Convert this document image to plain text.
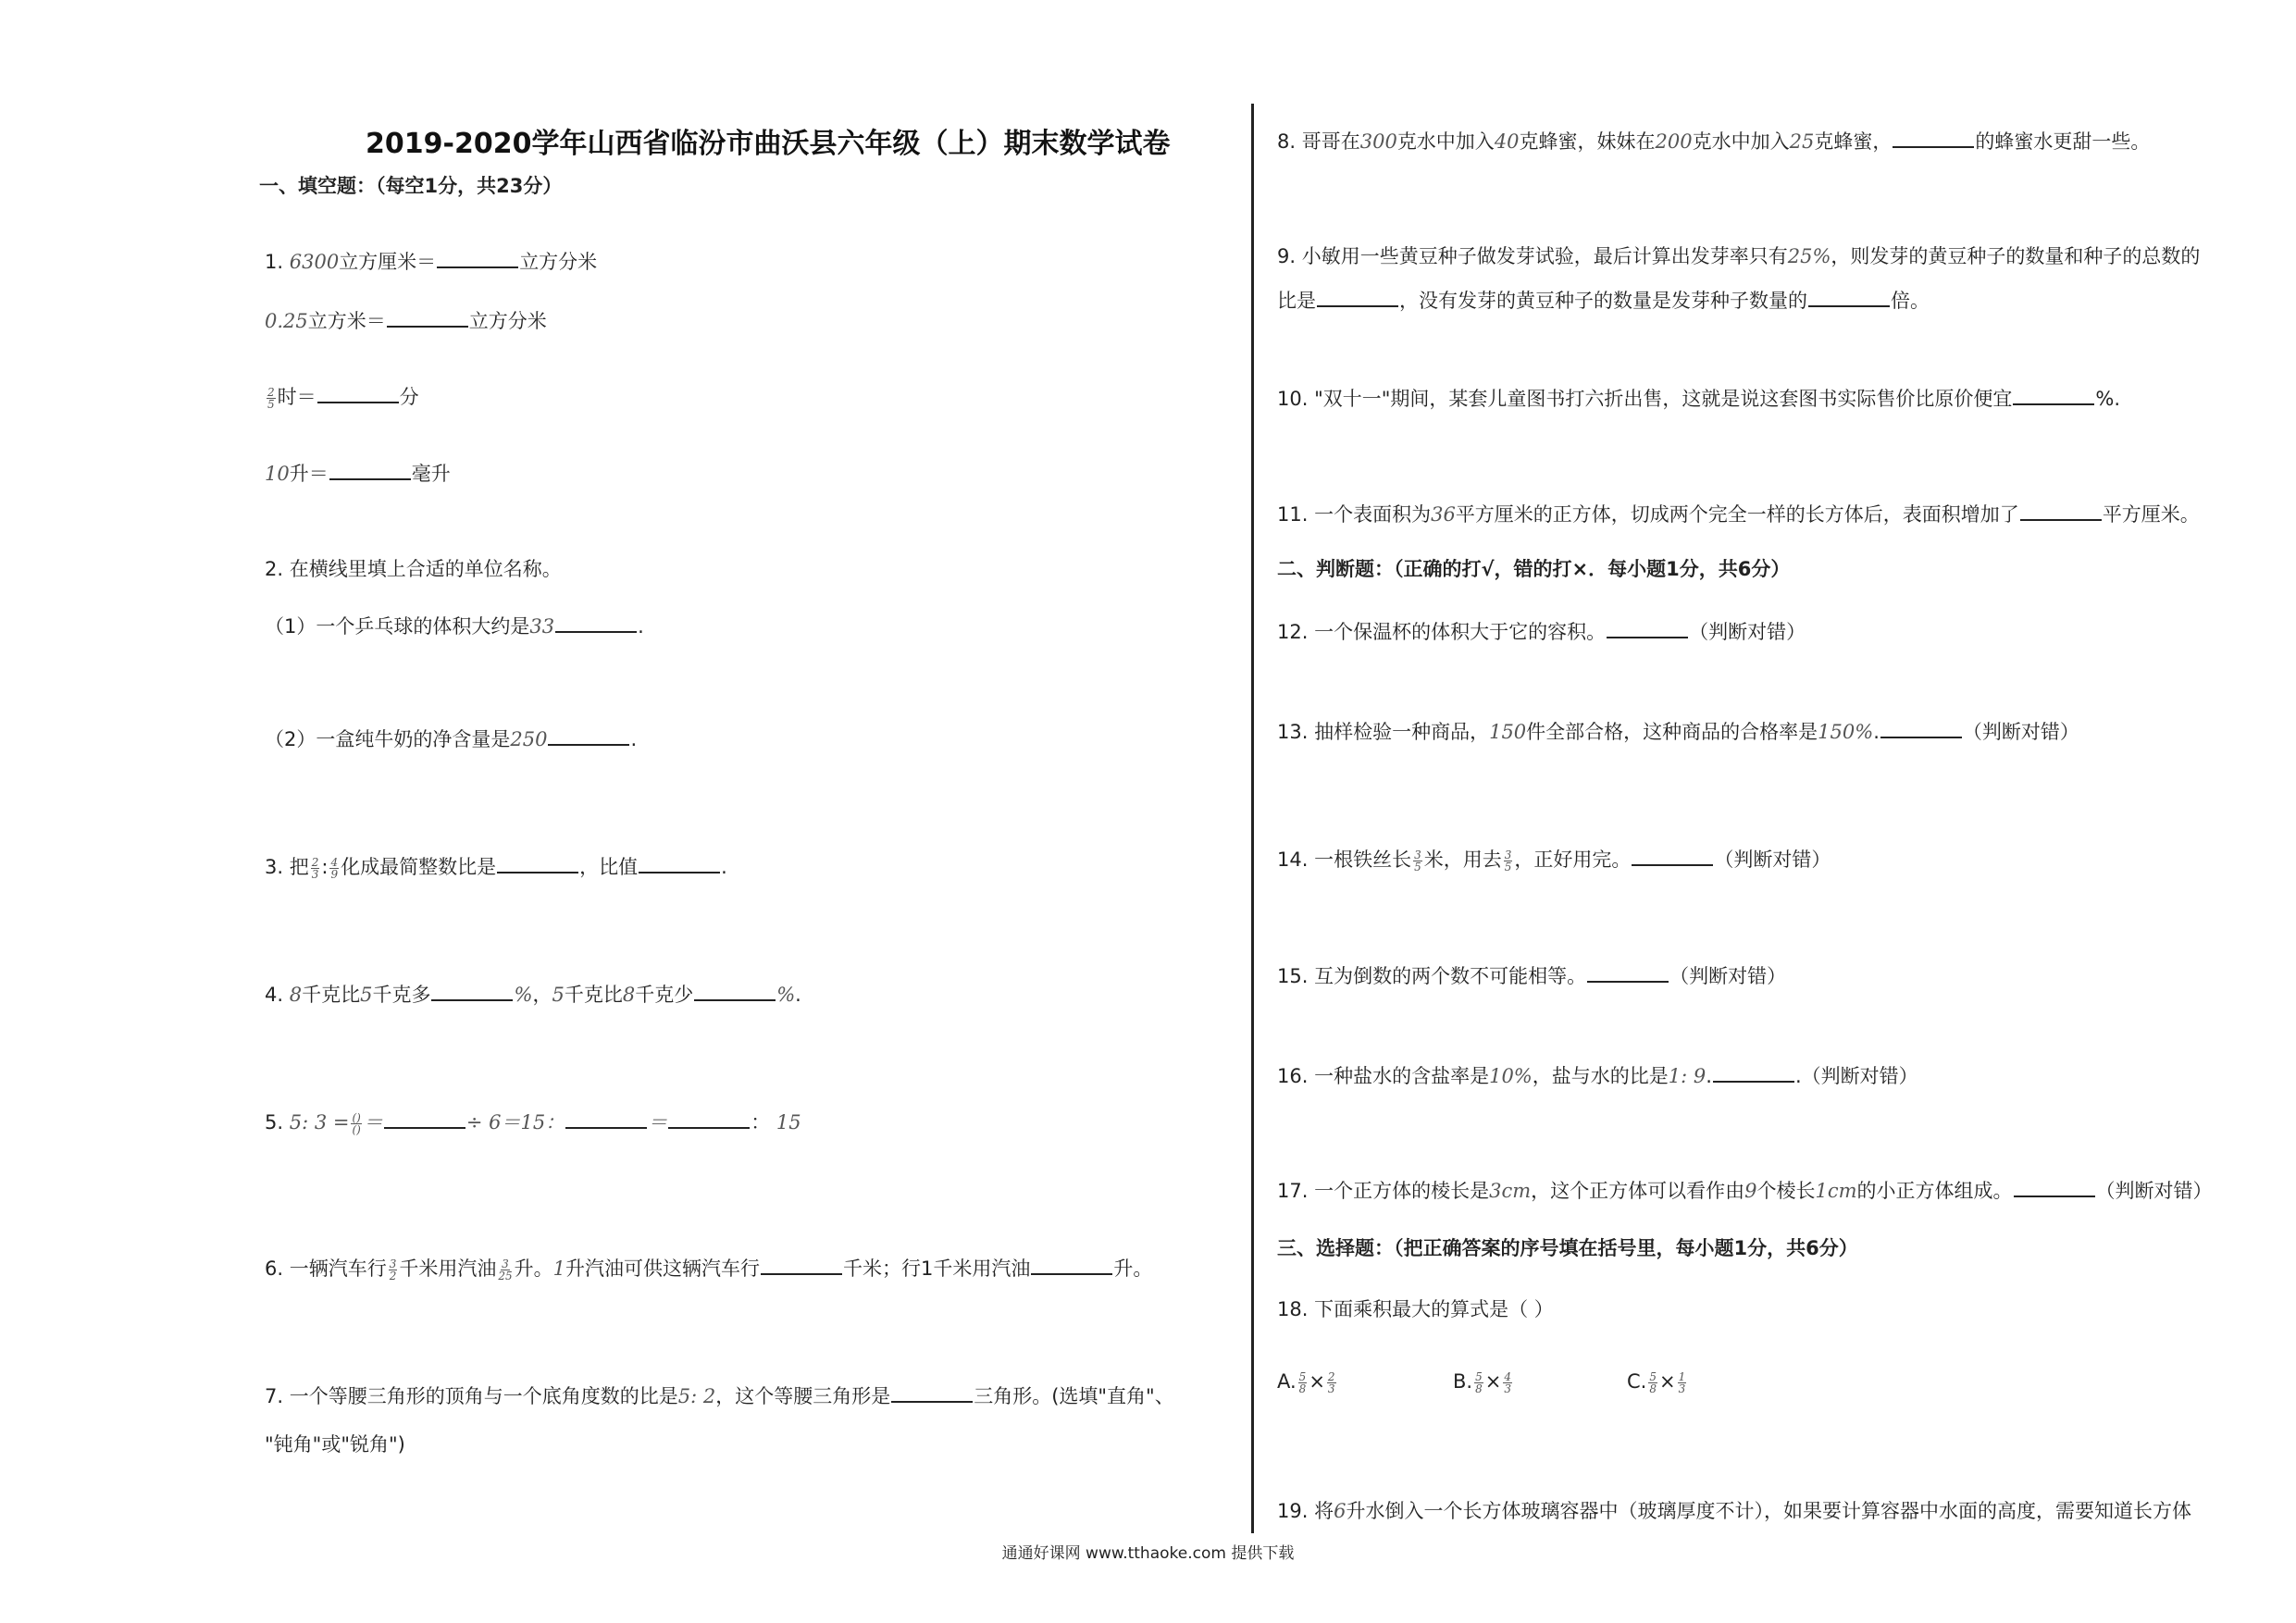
2019-2020学年山西省临汾市曲沃县六年级（上）期末数学试卷
一、填空题：（每空1分，共23分）
1. 6300立方厘米＝	立方分米
0.25立方米＝	立方分米
$\frac{2}{5}$ 时＝	分
10升＝	毫升
2. 在横线里填上合适的单位名称。
（1）一个乒乓球的体积大约是33	.
（2）一盒纯牛奶的净含量是250	.
3. 把 $\frac{2}{3}$ : $\frac{4}{9}$ 化成最简整数比是	，比值	.
4. 8千克比5千克多	%，5千克比8千克少	%.
5. 5: $3 = \frac{()}{()}$ ＝	÷ 6＝15：	＝	： 15
6. 一辆汽车行 $\frac{3}{2}$ 千米用汽油 $\frac{3}{25}$ 升。1升汽油可供这辆汽车行	千米；行1千米用汽油	升。
7. 一个等腰三角形的顶角与一个底角度数的比是5: 2，这个等腰三角形是	三角形。(选填"直角"、
"钝角"或"锐角")
8. 哥哥在300克水中加入40克蜂蜜，妹妹在200克水中加入25克蜂蜜，	的蜂蜜水更甜一些。
9. 小敏用一些黄豆种子做发芽试验，最后计算出发芽率只有25%，则发芽的黄豆种子的数量和种子的总数的
比是	，没有发芽的黄豆种子的数量是发芽种子数量的	倍。
10. "双十一"期间，某套儿童图书打六折出售，这就是说这套图书实际售价比原价便宜	%.
11. 一个表面积为36平方厘米的正方体，切成两个完全一样的长方体后，表面积增加了	平方厘米。
二、判断题：（正确的打√，错的打×．每小题1分，共6分）
12. 一个保温杯的体积大于它的容积。	（判断对错）
13. 抽样检验一种商品，150件全部合格，这种商品的合格率是150%.	（判断对错）
14. 一根铁丝长 $\frac{3}{5}$ 米，用去 $\frac{3}{5}$ ，正好用完。	（判断对错）
15. 互为倒数的两个数不可能相等。	（判断对错）
16. 一种盐水的含盐率是10%，盐与水的比是1: 9.	.（判断对错）
17. 一个正方体的棱长是3cm，这个正方体可以看作由9个棱长1cm的小正方体组成。	（判断对错）
三、选择题：（把正确答案的序号填在括号里，每小题1分，共6分）
18. 下面乘积最大的算式是（ ）
A. $\frac{5}{8} \times \frac{2}{3}$	B. $\frac{5}{8} \times \frac{4}{3}$	C. $\frac{5}{8} \times \frac{1}{3}$
19. 将6升水倒入一个长方体玻璃容器中（玻璃厚度不计），如果要计算容器中水面的高度，需要知道长方体
通通好课网 www.tthaoke.com 提供下载
